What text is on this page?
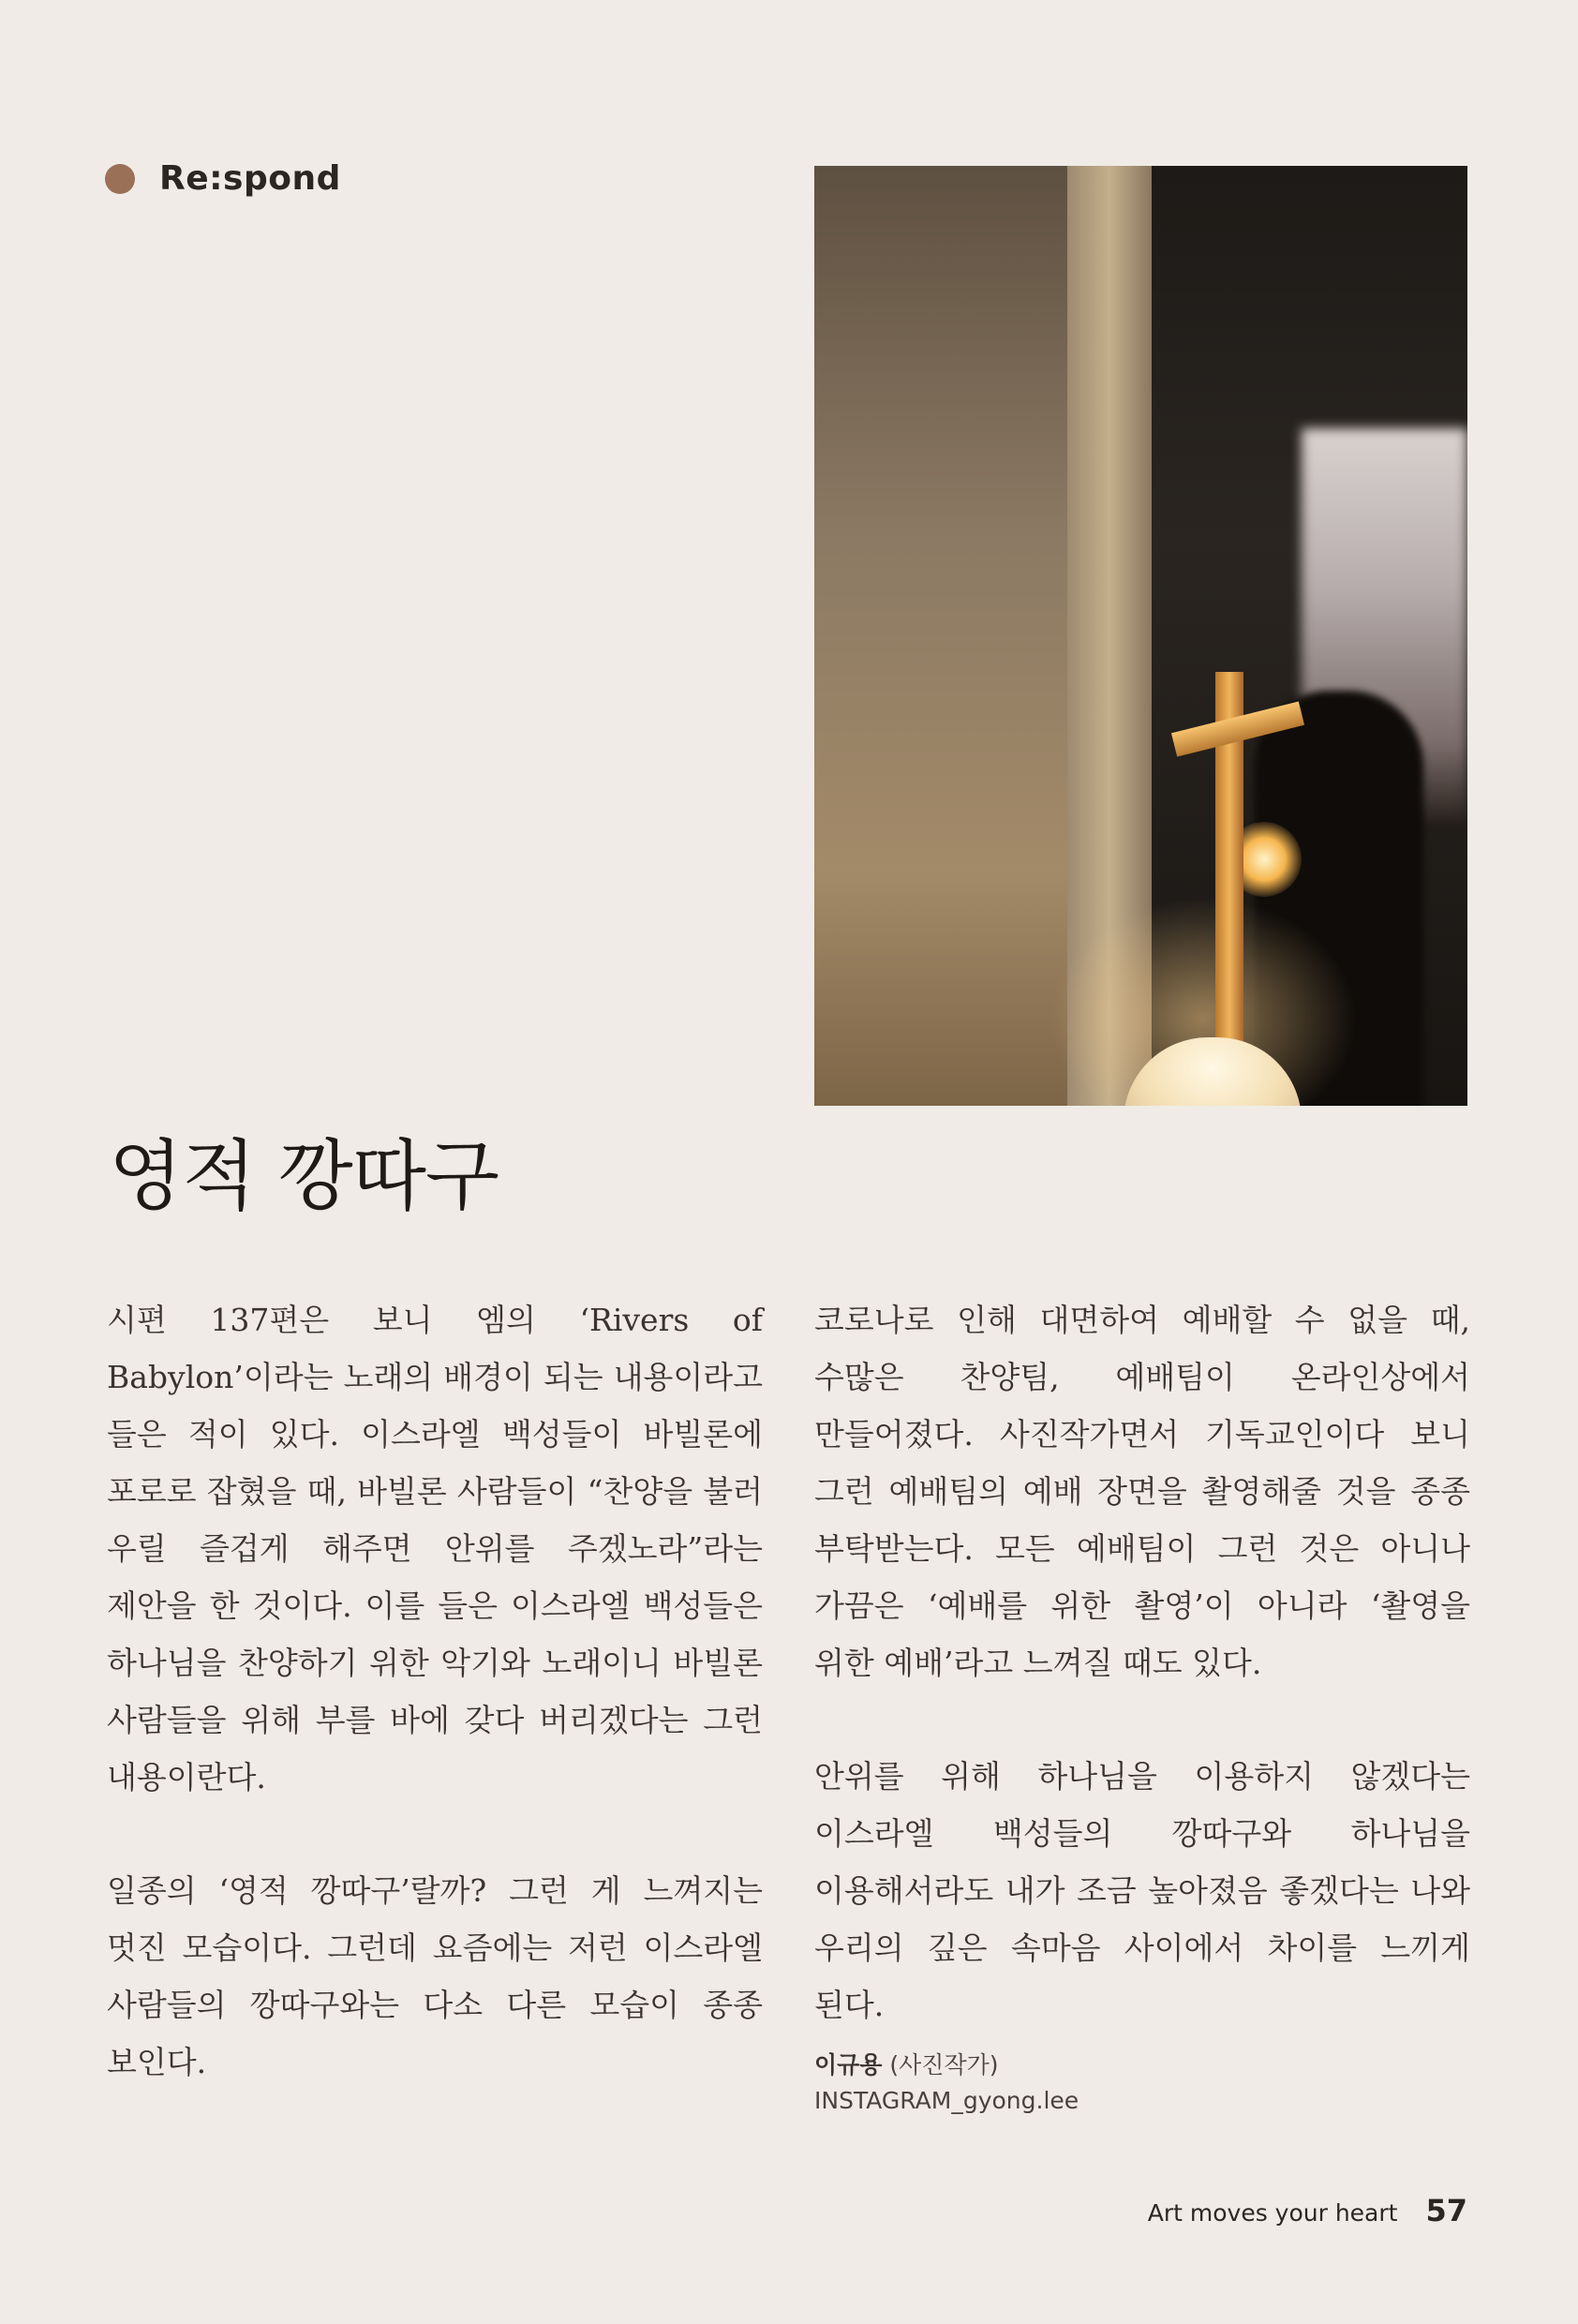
Re:spond
영적 깡따구

시편 137편은 보니 엠의 ‘Rivers of Babylon’이라는 노래의 배경이 되는 내용이라고 들은 적이 있다. 이스라엘 백성들이 바빌론에 포로로 잡혔을 때, 바빌론 사람들이 “찬양을 불러 우릴 즐겁게 해주면 안위를 주겠노라”라는 제안을 한 것이다. 이를 들은 이스라엘 백성들은 하나님을 찬양하기 위한 악기와 노래이니 바빌론 사람들을 위해 부를 바에 갖다 버리겠다는 그런 내용이란다.

일종의 ‘영적 깡따구’랄까? 그런 게 느껴지는 멋진 모습이다. 그런데 요즘에는 저런 이스라엘 사람들의 깡따구와는 다소 다른 모습이 종종 보인다.

코로나로 인해 대면하여 예배할 수 없을 때, 수많은 찬양팀, 예배팀이 온라인상에서 만들어졌다. 사진작가면서 기독교인이다 보니 그런 예배팀의 예배 장면을 촬영해줄 것을 종종 부탁받는다. 모든 예배팀이 그런 것은 아니나 가끔은 ‘예배를 위한 촬영’이 아니라 ‘촬영을 위한 예배’라고 느껴질 때도 있다.

안위를 위해 하나님을 이용하지 않겠다는 이스라엘 백성들의 깡따구와 하나님을 이용해서라도 내가 조금 높아졌음 좋겠다는 나와 우리의 깊은 속마음 사이에서 차이를 느끼게 된다.

이규용 (사진작가)
INSTAGRAM_gyong.lee
Art moves your heart 57
